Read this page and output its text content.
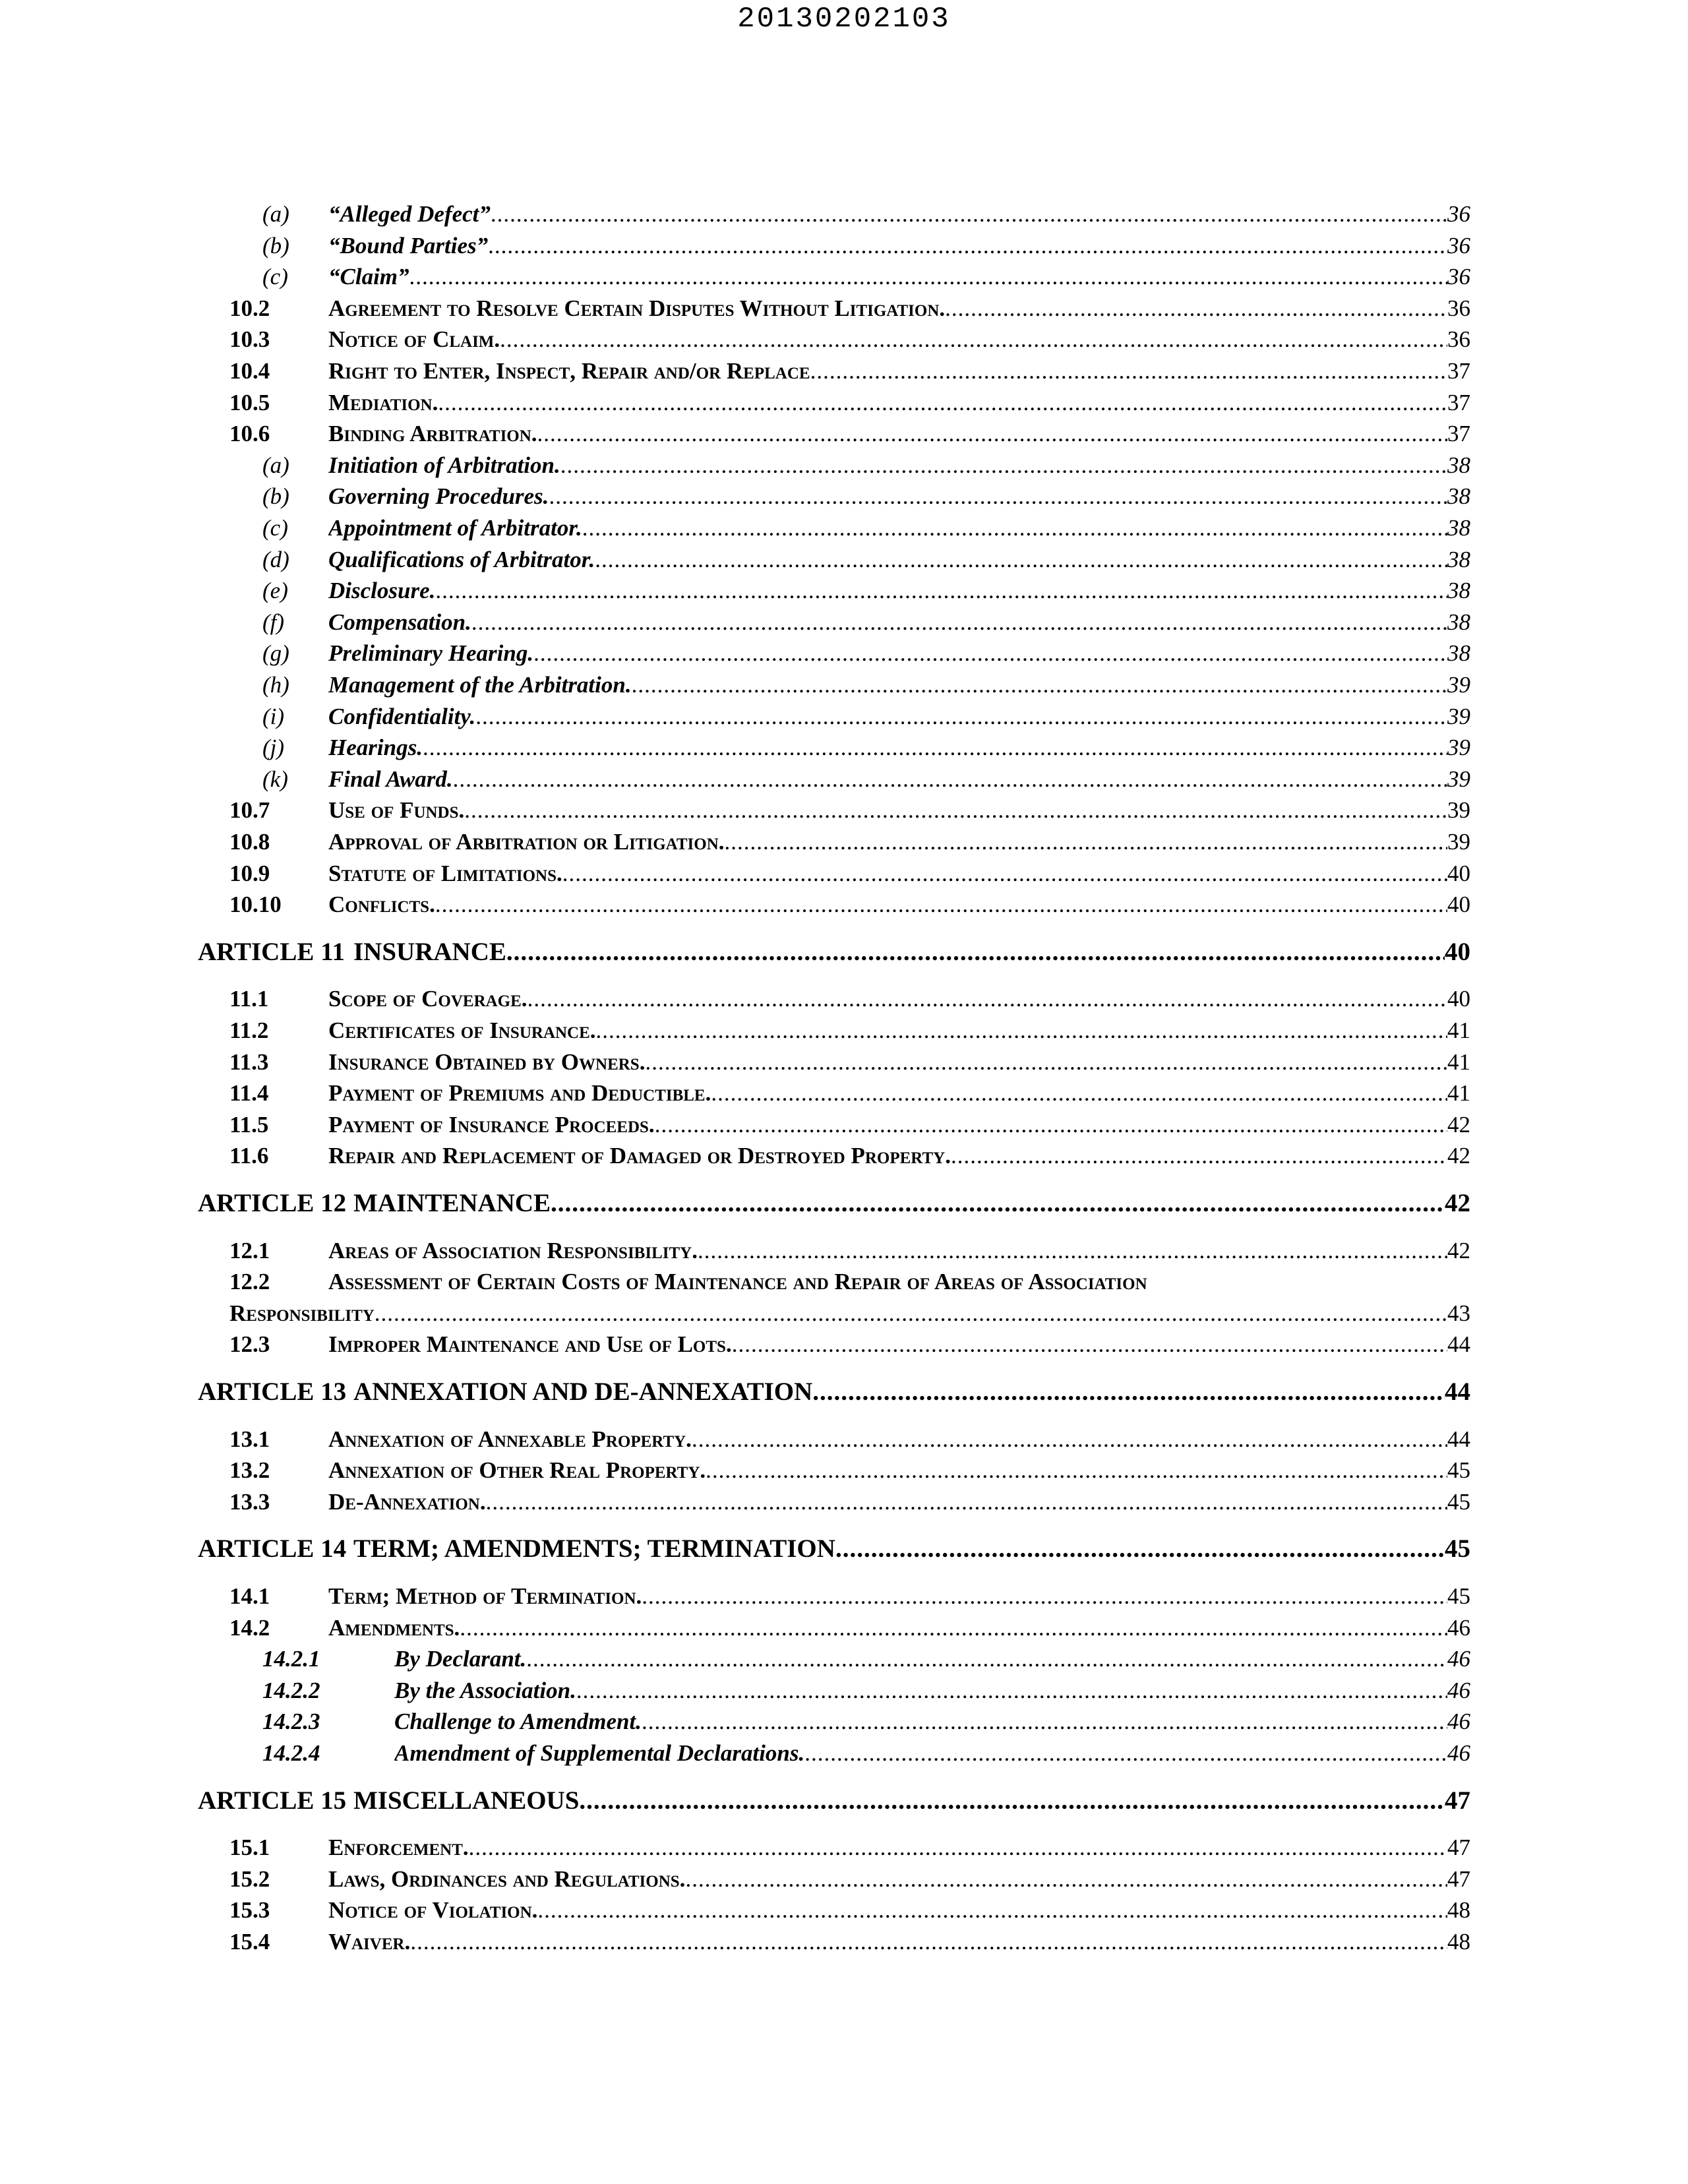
20130202103
(a) “Alleged Defect” .....	36
(b) “Bound Parties” .....	36
(c) “Claim” .....	36
10.2	Agreement to Resolve Certain Disputes Without Litigation. .....	36
10.3	Notice of Claim. .....	36
10.4	Right to Enter, Inspect, Repair and/or Replace .....	37
10.5	Mediation. .....	37
10.6	Binding Arbitration. .....	37
(a) Initiation of Arbitration. .....	38
(b) Governing Procedures. .....	38
(c) Appointment of Arbitrator. .....	38
(d) Qualifications of Arbitrator. .....	38
(e) Disclosure. .....	38
(f) Compensation. .....	38
(g) Preliminary Hearing. .....	38
(h) Management of the Arbitration. .....	39
(i) Confidentiality. .....	39
(j) Hearings. .....	39
(k) Final Award. .....	39
10.7	Use of Funds. .....	39
10.8	Approval of Arbitration or Litigation. .....	39
10.9	Statute of Limitations. .....	40
10.10 Conflicts. .....	40
ARTICLE 11 INSURANCE .....	40
11.1	Scope of Coverage. .....	40
11.2	Certificates of Insurance. .....	41
11.3	Insurance Obtained by Owners. .....	41
11.4	Payment of Premiums and Deductible. .....	41
11.5	Payment of Insurance Proceeds. .....	42
11.6	Repair and Replacement of Damaged or Destroyed Property. .....	42
ARTICLE 12 MAINTENANCE .....	42
12.1	Areas of Association Responsibility. .....	42
12.2	Assessment of Certain Costs of Maintenance and Repair of Areas of Association
Responsibility .....	43
12.3	Improper Maintenance and Use of Lots. .....	44
ARTICLE 13 ANNEXATION AND DE-ANNEXATION .....	44
13.1	Annexation of Annexable Property. .....	44
13.2	Annexation of Other Real Property. .....	45
13.3	De-Annexation. .....	45
ARTICLE 14 TERM; AMENDMENTS; TERMINATION .....	45
14.1	Term; Method of Termination. .....	45
14.2	Amendments. .....	46
14.2.1	By Declarant. .....	46
14.2.2	By the Association. .....	46
14.2.3	Challenge to Amendment. .....	46
14.2.4	Amendment of Supplemental Declarations. .....	46
ARTICLE 15 MISCELLANEOUS .....	47
15.1	Enforcement. .....	47
15.2	Laws, Ordinances and Regulations. .....	47
15.3	Notice of Violation. .....	48
15.4	Waiver. .....	48
